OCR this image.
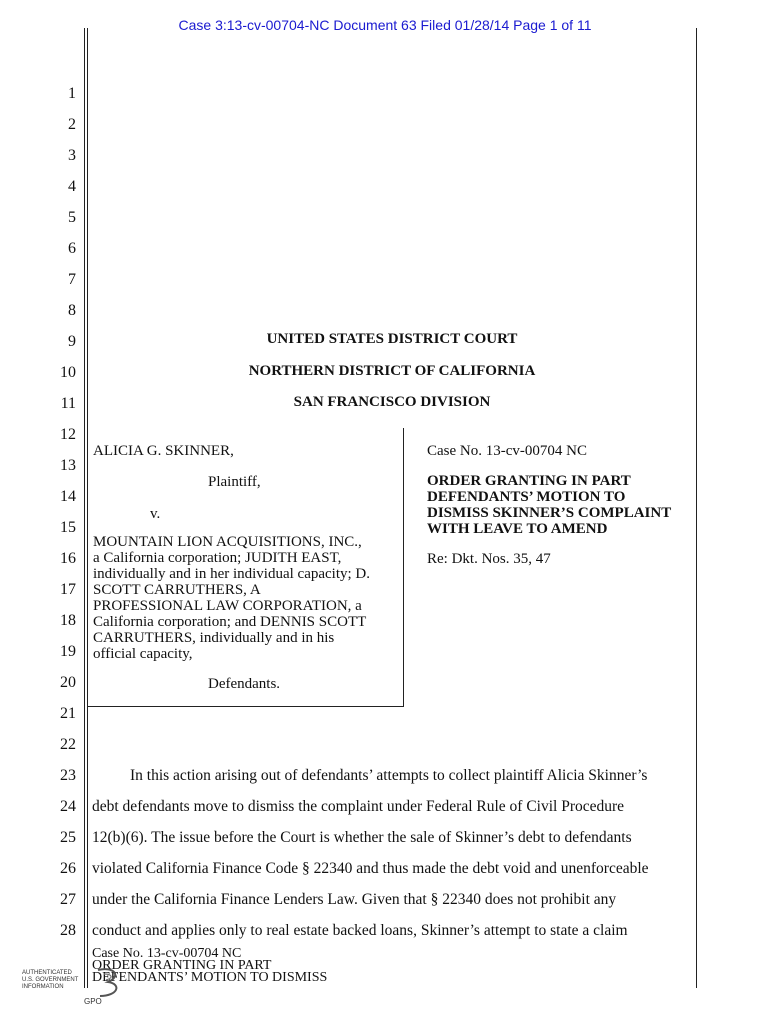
Case 3:13-cv-00704-NC Document 63 Filed 01/28/14 Page 1 of 11
1
2
3
4
5
6
7
8
9
10
11
12
13
14
15
16
17
18
19
20
21
22
23
24
25
26
27
28
UNITED STATES DISTRICT COURT
NORTHERN DISTRICT OF CALIFORNIA
SAN FRANCISCO DIVISION
ALICIA G. SKINNER,
Plaintiff,
v.
MOUNTAIN LION ACQUISITIONS, INC.,
a California corporation; JUDITH EAST,
individually and in her individual capacity; D.
SCOTT CARRUTHERS, A
PROFESSIONAL LAW CORPORATION, a
California corporation; and DENNIS SCOTT
CARRUTHERS, individually and in his
official capacity,
Defendants.
Case No. 13-cv-00704 NC
ORDER GRANTING IN PART
DEFENDANTS’ MOTION TO
DISMISS SKINNER’S COMPLAINT
WITH LEAVE TO AMEND
Re: Dkt. Nos. 35, 47
In this action arising out of defendants’ attempts to collect plaintiff Alicia Skinner’s
debt defendants move to dismiss the complaint under Federal Rule of Civil Procedure
12(b)(6). The issue before the Court is whether the sale of Skinner’s debt to defendants
violated California Finance Code § 22340 and thus made the debt void and unenforceable
under the California Finance Lenders Law. Given that § 22340 does not prohibit any
conduct and applies only to real estate backed loans, Skinner’s attempt to state a claim
Case No. 13-cv-00704 NC
ORDER GRANTING IN PART
DEFENDANTS’ MOTION TO DISMISS
AUTHENTICATED
U.S. GOVERNMENT
INFORMATION
GPO
